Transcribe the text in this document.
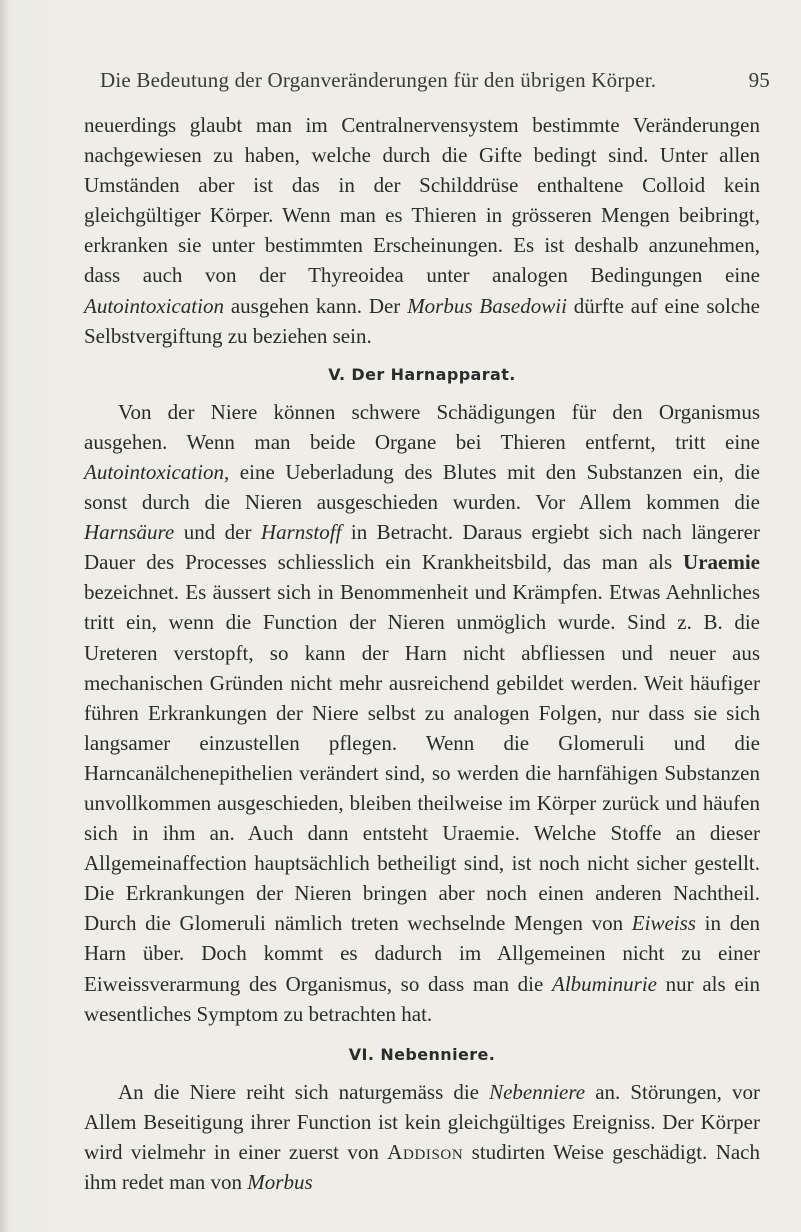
Die Bedeutung der Organveränderungen für den übrigen Körper.	95

neuerdings glaubt man im Centralnervensystem bestimmte Veränderungen nachgewiesen zu haben, welche durch die Gifte bedingt sind. Unter allen Umständen aber ist das in der Schilddrüse enthaltene Colloid kein gleichgültiger Körper. Wenn man es Thieren in grösseren Mengen beibringt, erkranken sie unter bestimmten Erscheinungen. Es ist deshalb anzunehmen, dass auch von der Thyreoidea unter analogen Bedingungen eine Autointoxication ausgehen kann. Der Morbus Basedowii dürfte auf eine solche Selbstvergiftung zu beziehen sein.

V. Der Harnapparat.

Von der Niere können schwere Schädigungen für den Organismus ausgehen. Wenn man beide Organe bei Thieren entfernt, tritt eine Autointoxication, eine Ueberladung des Blutes mit den Substanzen ein, die sonst durch die Nieren ausgeschieden wurden. Vor Allem kommen die Harnsäure und der Harnstoff in Betracht. Daraus ergiebt sich nach längerer Dauer des Processes schliesslich ein Krankheitsbild, das man als Uraemie bezeichnet. Es äussert sich in Benommenheit und Krämpfen. Etwas Aehnliches tritt ein, wenn die Function der Nieren unmöglich wurde. Sind z. B. die Ureteren verstopft, so kann der Harn nicht abfliessen und neuer aus mechanischen Gründen nicht mehr ausreichend gebildet werden. Weit häufiger führen Erkrankungen der Niere selbst zu analogen Folgen, nur dass sie sich langsamer einzustellen pflegen. Wenn die Glomeruli und die Harncanälchenepithelien verändert sind, so werden die harnfähigen Substanzen unvollkommen ausgeschieden, bleiben theilweise im Körper zurück und häufen sich in ihm an. Auch dann entsteht Uraemie. Welche Stoffe an dieser Allgemeinaffection hauptsächlich betheiligt sind, ist noch nicht sicher gestellt. Die Erkrankungen der Nieren bringen aber noch einen anderen Nachtheil. Durch die Glomeruli nämlich treten wechselnde Mengen von Eiweiss in den Harn über. Doch kommt es dadurch im Allgemeinen nicht zu einer Eiweissverarmung des Organismus, so dass man die Albuminurie nur als ein wesentliches Symptom zu betrachten hat.

VI. Nebenniere.

An die Niere reiht sich naturgemäss die Nebenniere an. Störungen, vor Allem Beseitigung ihrer Function ist kein gleichgültiges Ereigniss. Der Körper wird vielmehr in einer zuerst von Addison studirten Weise geschädigt. Nach ihm redet man von Morbus
